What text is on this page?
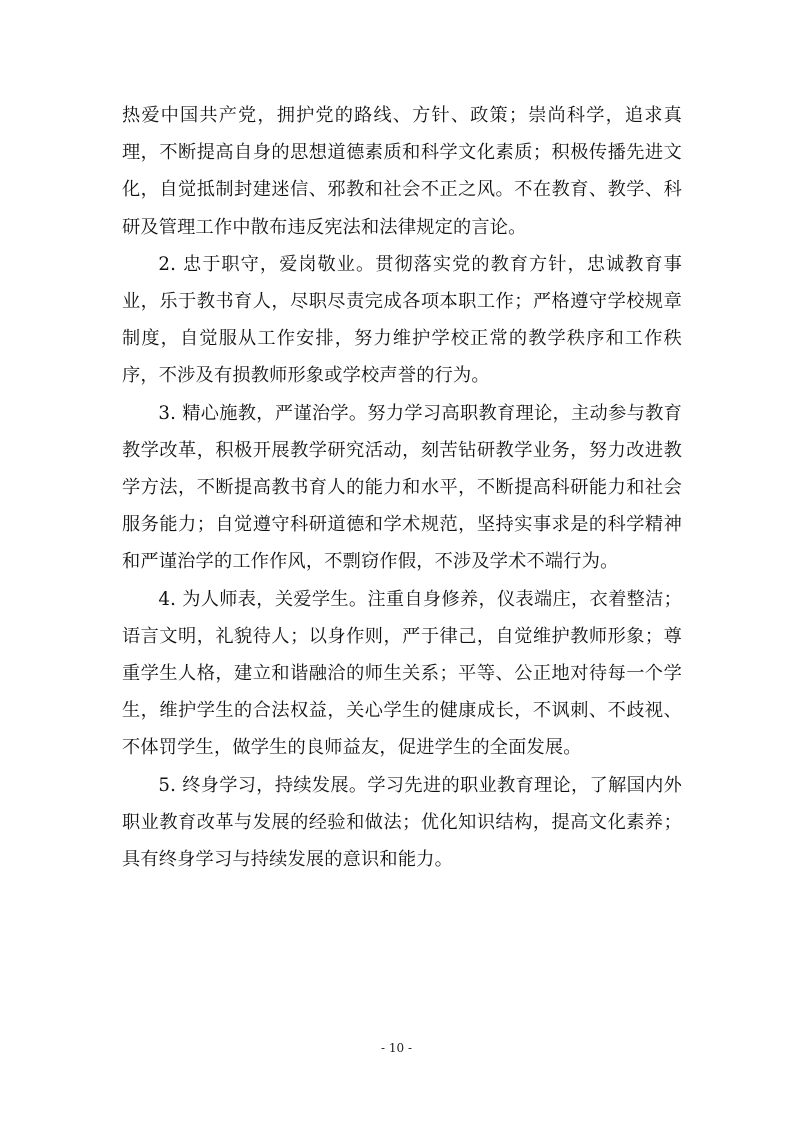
热爱中国共产党，拥护党的路线、方针、政策；崇尚科学，追求真理，不断提高自身的思想道德素质和科学文化素质；积极传播先进文化，自觉抵制封建迷信、邪教和社会不正之风。不在教育、教学、科研及管理工作中散布违反宪法和法律规定的言论。

2. 忠于职守，爱岗敬业。贯彻落实党的教育方针，忠诚教育事业，乐于教书育人，尽职尽责完成各项本职工作；严格遵守学校规章制度，自觉服从工作安排，努力维护学校正常的教学秩序和工作秩序，不涉及有损教师形象或学校声誉的行为。

3. 精心施教，严谨治学。努力学习高职教育理论，主动参与教育教学改革，积极开展教学研究活动，刻苦钻研教学业务，努力改进教学方法，不断提高教书育人的能力和水平，不断提高科研能力和社会服务能力；自觉遵守科研道德和学术规范，坚持实事求是的科学精神和严谨治学的工作作风，不剽窃作假，不涉及学术不端行为。

4. 为人师表，关爱学生。注重自身修养，仪表端庄，衣着整洁；语言文明，礼貌待人；以身作则，严于律己，自觉维护教师形象；尊重学生人格，建立和谐融洽的师生关系；平等、公正地对待每一个学生，维护学生的合法权益，关心学生的健康成长，不讽刺、不歧视、不体罚学生，做学生的良师益友，促进学生的全面发展。

5. 终身学习，持续发展。学习先进的职业教育理论，了解国内外职业教育改革与发展的经验和做法；优化知识结构，提高文化素养；具有终身学习与持续发展的意识和能力。

- 10 -
